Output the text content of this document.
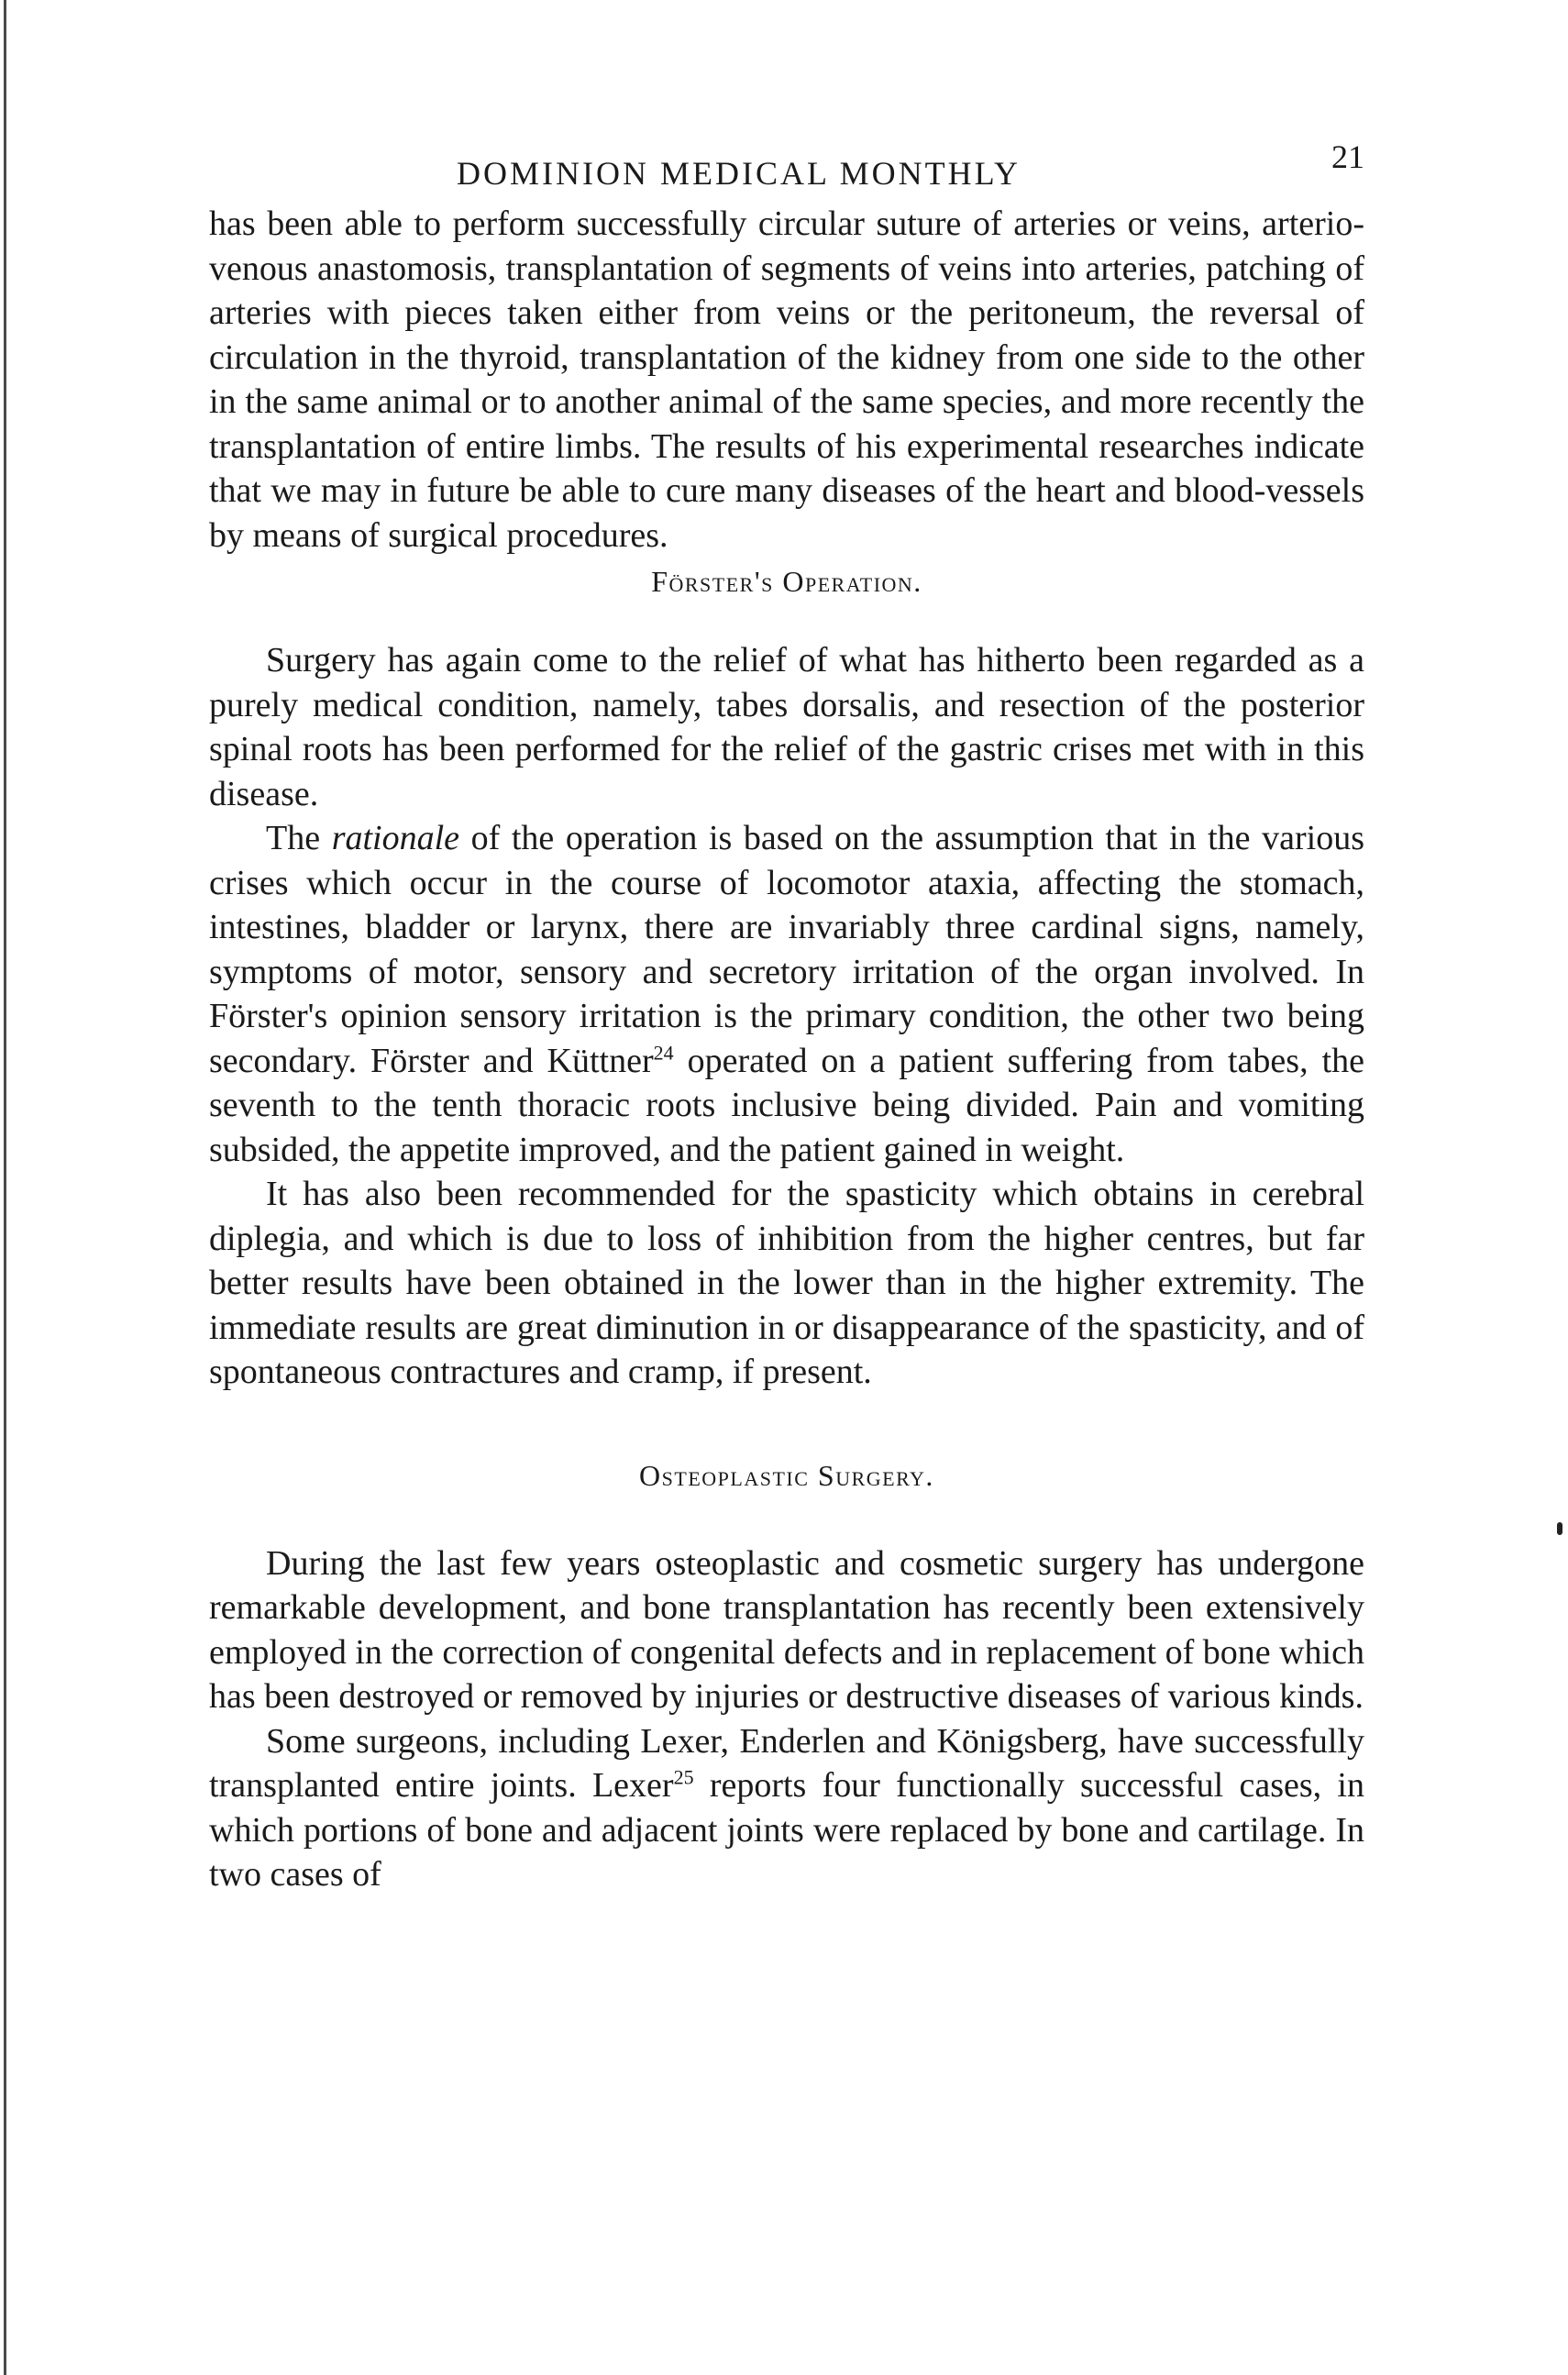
DOMINION MEDICAL MONTHLY	21

has been able to perform successfully circular suture of arteries or veins, arterio-venous anastomosis, transplantation of segments of veins into arteries, patching of arteries with pieces taken either from veins or the peritoneum, the reversal of circulation in the thyroid, transplantation of the kidney from one side to the other in the same animal or to another animal of the same species, and more recently the transplantation of entire limbs. The results of his experimental researches indicate that we may in future be able to cure many diseases of the heart and blood-vessels by means of surgical procedures.

Förster's Operation.

Surgery has again come to the relief of what has hitherto been regarded as a purely medical condition, namely, tabes dorsalis, and resection of the posterior spinal roots has been performed for the relief of the gastric crises met with in this disease.

The rationale of the operation is based on the assumption that in the various crises which occur in the course of locomotor ataxia, affecting the stomach, intestines, bladder or larynx, there are invariably three cardinal signs, namely, symptoms of motor, sensory and secretory irritation of the organ involved. In Förster's opinion sensory irritation is the primary condition, the other two being secondary. Förster and Küttner$^{24}$ operated on a patient suffering from tabes, the seventh to the tenth thoracic roots inclusive being divided. Pain and vomiting subsided, the appetite improved, and the patient gained in weight.

It has also been recommended for the spasticity which obtains in cerebral diplegia, and which is due to loss of inhibition from the higher centres, but far better results have been obtained in the lower than in the higher extremity. The immediate results are great diminution in or disappearance of the spasticity, and of spontaneous contractures and cramp, if present.

Osteoplastic Surgery.

During the last few years osteoplastic and cosmetic surgery has undergone remarkable development, and bone transplantation has recently been extensively employed in the correction of congenital defects and in replacement of bone which has been destroyed or removed by injuries or destructive diseases of various kinds.

Some surgeons, including Lexer, Enderlen and Königsberg, have successfully transplanted entire joints. Lexer$^{25}$ reports four functionally successful cases, in which portions of bone and adjacent joints were replaced by bone and cartilage. In two cases of
